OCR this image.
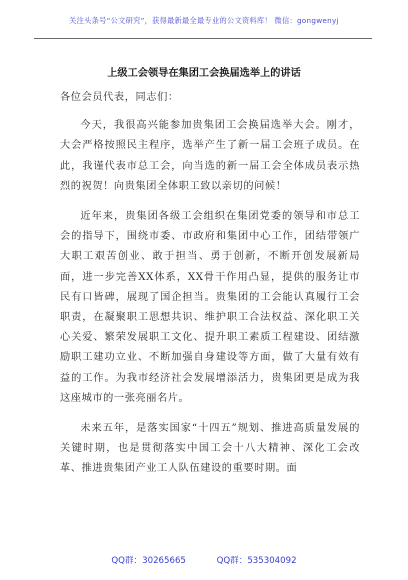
关注头条号“公文研究”，获得最新最全最专业的公文资料库！ 微信：gongwenyj
上级工会领导在集团工会换届选举上的讲话

各位会员代表，同志们：

今天，我很高兴能参加贵集团工会换届选举大会。刚才，大会严格按照民主程序，选举产生了新一届工会班子成员。在此，我谨代表市总工会，向当选的新一届工会全体成员表示热烈的祝贺！向贵集团全体职工致以亲切的问候！

近年来，贵集团各级工会组织在集团党委的领导和市总工会的指导下，围绕市委、市政府和集团中心工作，团结带领广大职工艰苦创业、敢于担当、勇于创新，不断开创发展新局面，进一步完善XX体系，XX骨干作用凸显，提供的服务让市民有口皆碑，展现了国企担当。贵集团的工会能认真履行工会职责，在凝聚职工思想共识、维护职工合法权益、深化职工关心关爱、繁荣发展职工文化、提升职工素质工程建设、团结激励职工建功立业、不断加强自身建设等方面，做了大量有效有益的工作。为我市经济社会发展增添活力，贵集团更是成为我这座城市的一张亮丽名片。

未来五年，是落实国家“十四五”规划、推进高质量发展的关键时期，也是贯彻落实中国工会十八大精神、深化工会改革、推进贵集团产业工人队伍建设的重要时期。面

QQ群：30265665	QQ群：535304092
